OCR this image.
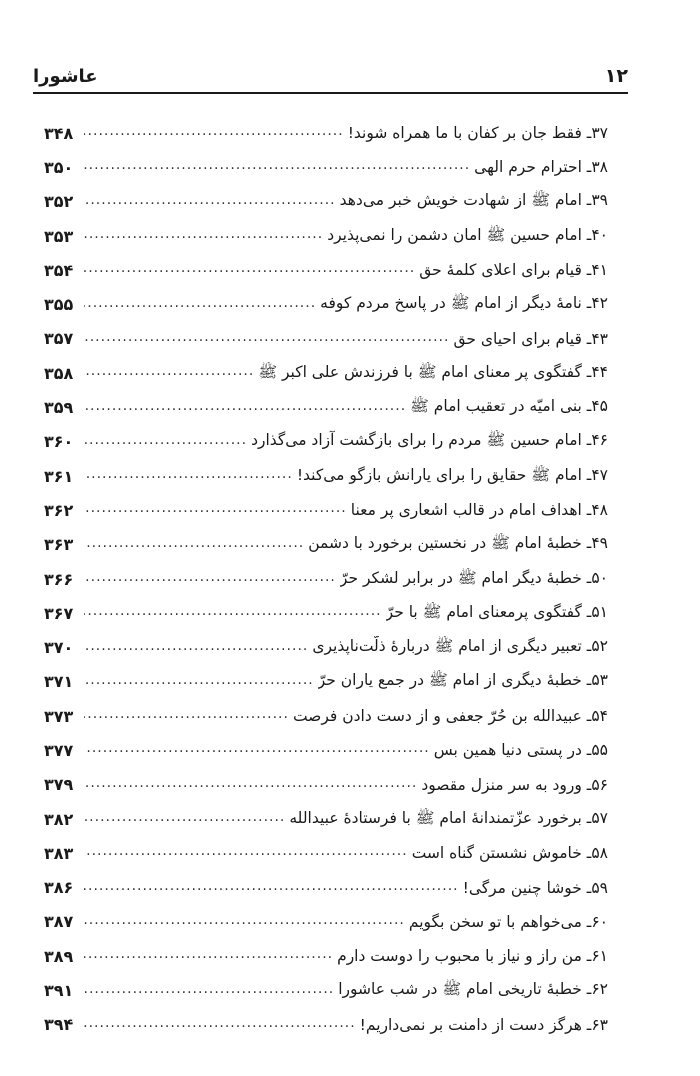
۱۲
عاشورا
۳۷ـ فقط جان بر کفان با ما همراه شوند!
.....
۳۴۸
۳۸ـ احترام حرم الهی
.....
۳۵۰
۳۹ـ امام ﷺ از شهادت خویش خبر می‌دهد
.....
۳۵۲
۴۰ـ امام حسین ﷺ امان دشمن را نمی‌پذیرد
.....
۳۵۳
۴۱ـ قیام برای اعلای کلمهٔ حق
.....
۳۵۴
۴۲ـ نامهٔ دیگر از امام ﷺ در پاسخ مردم کوفه
.....
۳۵۵
۴۳ـ قیام برای احیای حق
.....
۳۵۷
۴۴ـ گفتگوی پر معنای امام ﷺ با فرزندش علی اکبر ﷺ
.....
۳۵۸
۴۵ـ بنی امیّه در تعقیب امام ﷺ
.....
۳۵۹
۴۶ـ امام حسین ﷺ مردم را برای بازگشت آزاد می‌گذارد
.....
۳۶۰
۴۷ـ امام ﷺ حقایق را برای یارانش بازگو می‌کند!
.....
۳۶۱
۴۸ـ اهداف امام در قالب اشعاری پر معنا
.....
۳۶۲
۴۹ـ خطبهٔ امام ﷺ در نخستین برخورد با دشمن
.....
۳۶۳
۵۰ـ خطبهٔ دیگر امام ﷺ در برابر لشکر حرّ
.....
۳۶۶
۵۱ـ گفتگوی پرمعنای امام ﷺ با حرّ
.....
۳۶۷
۵۲ـ تعبیر دیگری از امام ﷺ دربارهٔ ذلّت‌ناپذیری
.....
۳۷۰
۵۳ـ خطبهٔ دیگری از امام ﷺ در جمع یاران حرّ
.....
۳۷۱
۵۴ـ عبیدالله بن حُرّ جعفی و از دست دادن فرصت
.....
۳۷۳
۵۵ـ در پستی دنیا همین بس
.....
۳۷۷
۵۶ـ ورود به سر منزل مقصود
.....
۳۷۹
۵۷ـ برخورد عزّتمندانهٔ امام ﷺ با فرستادهٔ عبیدالله
.....
۳۸۲
۵۸ـ خاموش نشستن گناه است
.....
۳۸۳
۵۹ـ خوشا چنین مرگی!
.....
۳۸۶
۶۰ـ می‌خواهم با تو سخن بگویم
.....
۳۸۷
۶۱ـ من راز و نیاز با محبوب را دوست دارم
.....
۳۸۹
۶۲ـ خطبهٔ تاریخی امام ﷺ در شب عاشورا
.....
۳۹۱
۶۳ـ هرگز دست از دامنت بر نمی‌داریم!
.....
۳۹۴
